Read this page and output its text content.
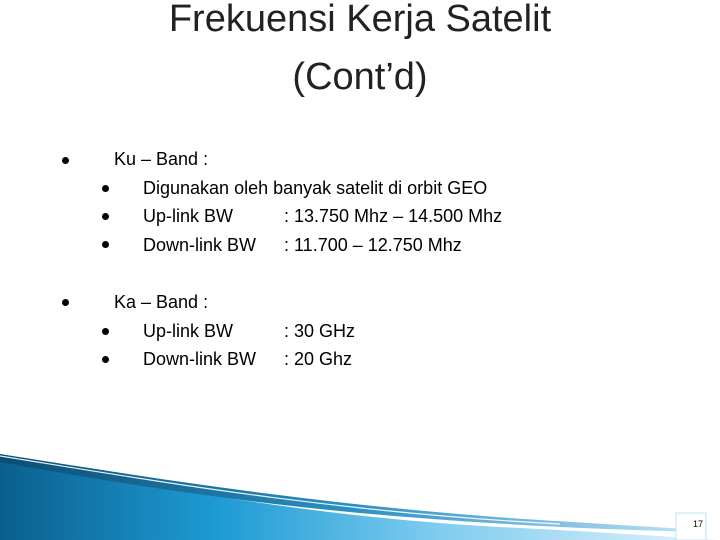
Frekuensi Kerja Satelit
(Cont’d)
Ku – Band :
Digunakan oleh banyak satelit di orbit GEO
Up-link BW	: 13.750 Mhz – 14.500 Mhz
Down-link BW : 11.700 – 12.750 Mhz
Ka – Band :
Up-link BW	: 30 GHz
Down-link BW : 20 Ghz
17
